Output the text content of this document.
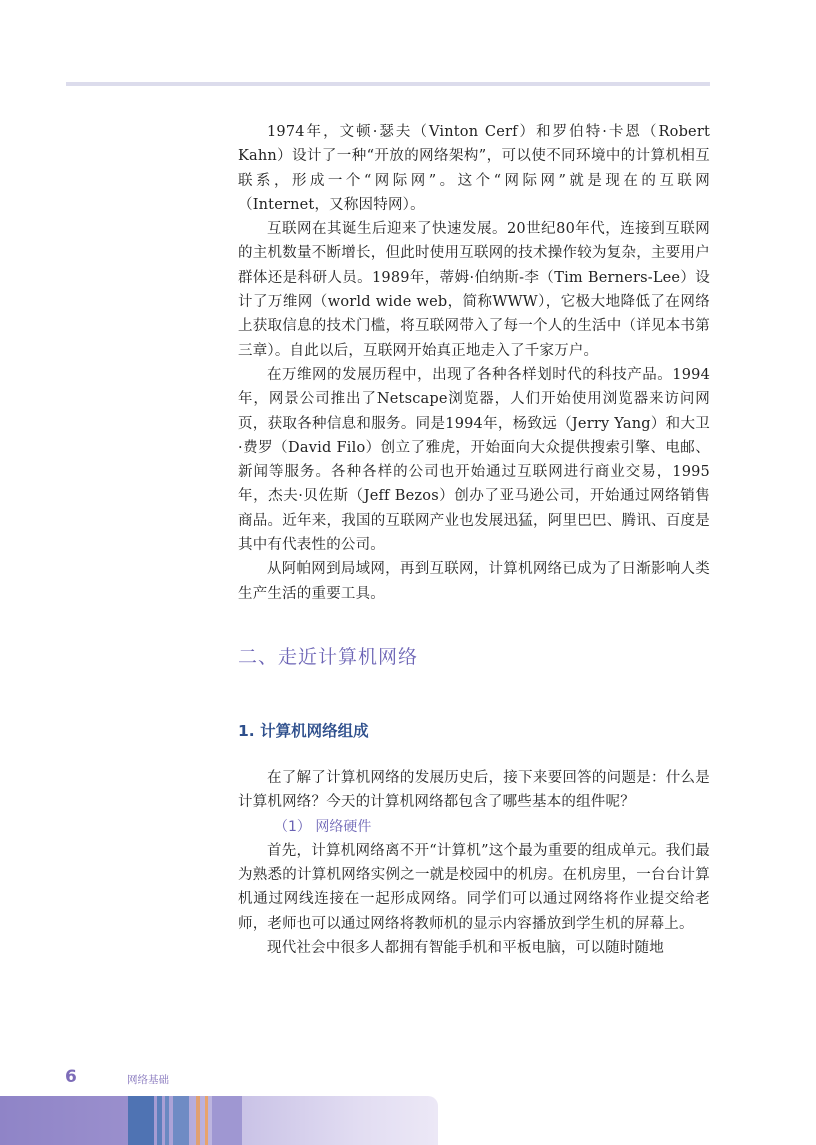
1974年，文顿·瑟夫（Vinton Cerf）和罗伯特·卡恩（Robert Kahn）设计了一种“开放的网络架构”，可以使不同环境中的计算机相互联系，形成一个“网际网”。这个“网际网”就是现在的互联网（Internet，又称因特网）。

互联网在其诞生后迎来了快速发展。20世纪80年代，连接到互联网的主机数量不断增长，但此时使用互联网的技术操作较为复杂，主要用户群体还是科研人员。1989年，蒂姆·伯纳斯-李（Tim Berners-Lee）设计了万维网（world wide web，简称WWW），它极大地降低了在网络上获取信息的技术门槛，将互联网带入了每一个人的生活中（详见本书第三章）。自此以后，互联网开始真正地走入了千家万户。

在万维网的发展历程中，出现了各种各样划时代的科技产品。1994年，网景公司推出了Netscape浏览器，人们开始使用浏览器来访问网页，获取各种信息和服务。同是1994年，杨致远（Jerry Yang）和大卫·费罗（David Filo）创立了雅虎，开始面向大众提供搜索引擎、电邮、新闻等服务。各种各样的公司也开始通过互联网进行商业交易，1995年，杰夫·贝佐斯（Jeff Bezos）创办了亚马逊公司，开始通过网络销售商品。近年来，我国的互联网产业也发展迅猛，阿里巴巴、腾讯、百度是其中有代表性的公司。

从阿帕网到局域网，再到互联网，计算机网络已成为了日渐影响人类生产生活的重要工具。

二、走近计算机网络
1. 计算机网络组成

在了解了计算机网络的发展历史后，接下来要回答的问题是：什么是计算机网络？今天的计算机网络都包含了哪些基本的组件呢？

（1） 网络硬件

首先，计算机网络离不开“计算机”这个最为重要的组成单元。我们最为熟悉的计算机网络实例之一就是校园中的机房。在机房里，一台台计算机通过网线连接在一起形成网络。同学们可以通过网络将作业提交给老师，老师也可以通过网络将教师机的显示内容播放到学生机的屏幕上。

现代社会中很多人都拥有智能手机和平板电脑，可以随时随地

6	网络基础
